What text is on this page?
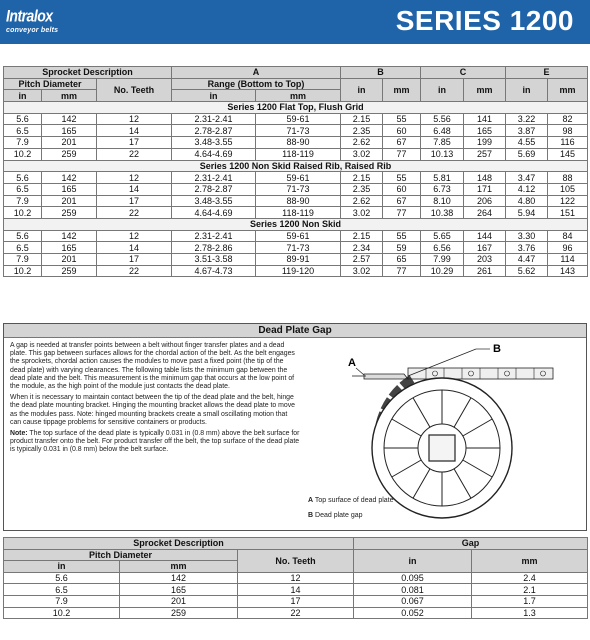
Intralox
conveyor belts	SERIES 1200
Sprocket Description			A		B		C		E	
Pitch Diameter		No. Teeth	Range (Bottom to Top)		in	mm	in	mm	in	mm
in	mm		in	mm						
Series 1200 Flat Top, Flush Grid										
5.6	142	12	2.31-2.41	59-61	2.15	55	5.56	141	3.22	82
6.5	165	14	2.78-2.87	71-73	2.35	60	6.48	165	3.87	98
7.9	201	17	3.48-3.55	88-90	2.62	67	7.85	199	4.55	116
10.2	259	22	4.64-4.69	118-119	3.02	77	10.13	257	5.69	145
Series 1200 Non Skid Raised Rib, Raised Rib										
5.6	142	12	2.31-2.41	59-61	2.15	55	5.81	148	3.47	88
6.5	165	14	2.78-2.87	71-73	2.35	60	6.73	171	4.12	105
7.9	201	17	3.48-3.55	88-90	2.62	67	8.10	206	4.80	122
10.2	259	22	4.64-4.69	118-119	3.02	77	10.38	264	5.94	151
Series 1200 Non Skid										
5.6	142	12	2.31-2.41	59-61	2.15	55	5.65	144	3.30	84
6.5	165	14	2.78-2.86	71-73	2.34	59	6.56	167	3.76	96
7.9	201	17	3.51-3.58	89-91	2.57	65	7.99	203	4.47	114
10.2	259	22	4.67-4.73	119-120	3.02	77	10.29	261	5.62	143
Dead Plate Gap

A gap is needed at transfer points between a belt without finger transfer plates and a dead plate. This gap between surfaces allows for the chordal action of the belt. As the belt engages the sprockets, chordal action causes the modules to move past a fixed point (the tip of the dead plate) with varying clearances. The following table lists the minimum gap between the dead plate and the belt. This measurement is the minimum gap that occurs at the low point of the module, as the high point of the module just contacts the dead plate.

When it is necessary to maintain contact between the tip of the dead plate and the belt, hinge the dead plate mounting bracket. Hinging the mounting bracket allows the dead plate to move as the modules pass. Note: hinged mounting brackets create a small oscillating motion that can cause tippage problems for sensitive containers or products.

Note: The top surface of the dead plate is typically 0.031 in (0.8 mm) above the belt surface for product transfer onto the belt. For product transfer off the belt, the top surface of the dead plate is typically 0.031 in (0.8 mm) below the belt surface.

A
B
A Top surface of dead plate
B Dead plate gap
Sprocket Description			Gap	
Pitch Diameter		No. Teeth	in	mm
in	mm			
5.6	142	12	0.095	2.4
6.5	165	14	0.081	2.1
7.9	201	17	0.067	1.7
10.2	259	22	0.052	1.3
